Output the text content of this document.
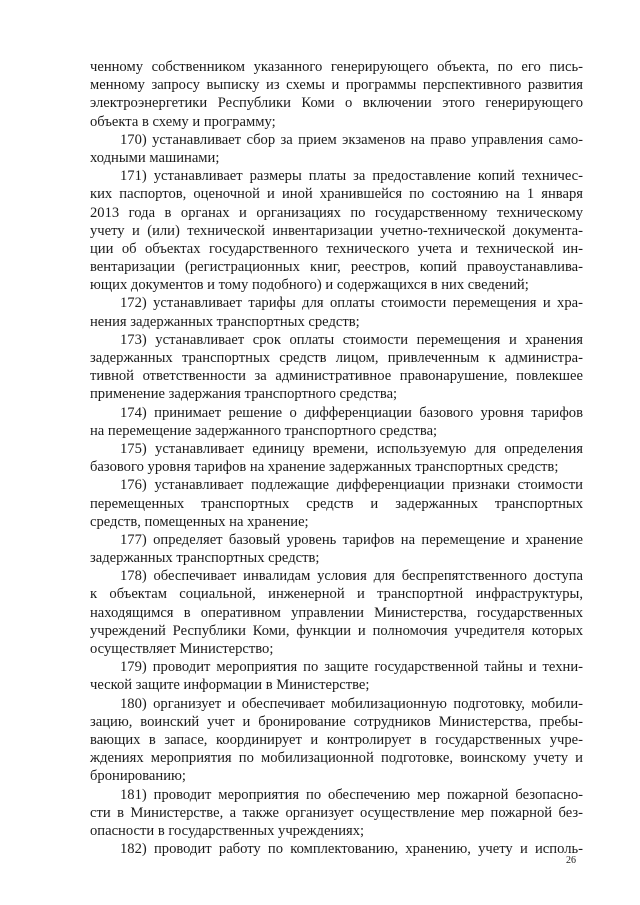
ченному собственником указанного генерирующего объекта, по его пись-
менному запросу выписку из схемы и программы перспективного развития
электроэнергетики Республики Коми о включении этого генерирующего
объекта в схему и программу;
170) устанавливает сбор за прием экзаменов на право управления само-
ходными машинами;
171) устанавливает размеры платы за предоставление копий техничес-
ких паспортов, оценочной и иной хранившейся по состоянию на 1 января
2013 года в органах и организациях по государственному техническому
учету и (или) технической инвентаризации учетно-технической документа-
ции об объектах государственного технического учета и технической ин-
вентаризации (регистрационных книг, реестров, копий правоустанавлива-
ющих документов и тому подобного) и содержащихся в них сведений;
172) устанавливает тарифы для оплаты стоимости перемещения и хра-
нения задержанных транспортных средств;
173) устанавливает срок оплаты стоимости перемещения и хранения
задержанных транспортных средств лицом, привлеченным к администра-
тивной ответственности за административное правонарушение, повлекшее
применение задержания транспортного средства;
174) принимает решение о дифференциации базового уровня тарифов
на перемещение задержанного транспортного средства;
175) устанавливает единицу времени, используемую для определения
базового уровня тарифов на хранение задержанных транспортных средств;
176) устанавливает подлежащие дифференциации признаки стоимости
перемещенных транспортных средств и задержанных транспортных
средств, помещенных на хранение;
177) определяет базовый уровень тарифов на перемещение и хранение
задержанных транспортных средств;
178) обеспечивает инвалидам условия для беспрепятственного доступа
к объектам социальной, инженерной и транспортной инфраструктуры,
находящимся в оперативном управлении Министерства, государственных
учреждений Республики Коми, функции и полномочия учредителя которых
осуществляет Министерство;
179) проводит мероприятия по защите государственной тайны и техни-
ческой защите информации в Министерстве;
180) организует и обеспечивает мобилизационную подготовку, мобили-
зацию, воинский учет и бронирование сотрудников Министерства, пребы-
вающих в запасе, координирует и контролирует в государственных учре-
ждениях мероприятия по мобилизационной подготовке, воинскому учету и
бронированию;
181) проводит мероприятия по обеспечению мер пожарной безопасно-
сти в Министерстве, а также организует осуществление мер пожарной без-
опасности в государственных учреждениях;
182) проводит работу по комплектованию, хранению, учету и исполь-
26
